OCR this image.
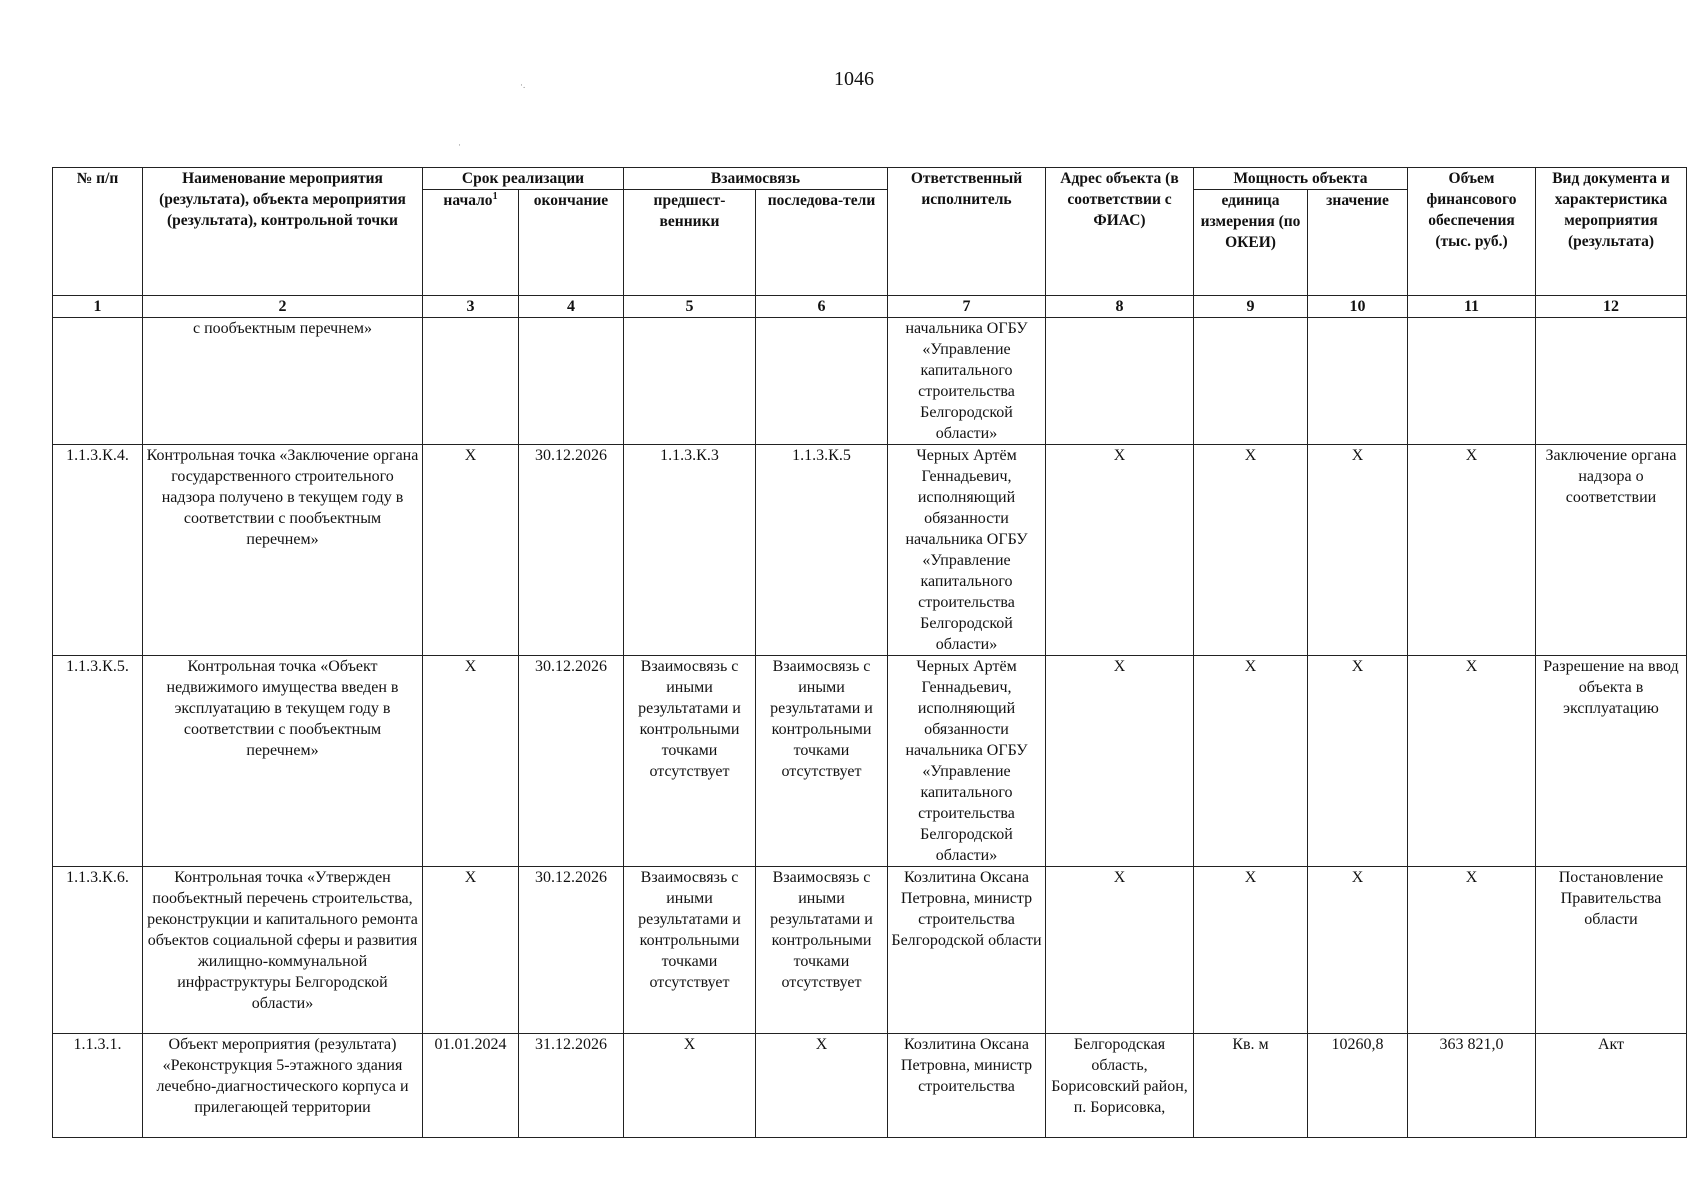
1046
·.
·
№ п/п	Наименование мероприятия (результата), объекта мероприятия (результата), контрольной точки	Срок реализации		Взаимосвязь		Ответственный исполнитель	Адрес объекта (в соответствии с ФИАС)	Мощность объекта		Объем финансового обеспечения (тыс. руб.)	Вид документа и характеристика мероприятия (результата)
		начало$^1$	окончание	предшест-венники	последова-тели			единица измерения (по ОКЕИ)	значение		
1	2	3	4	5	6	7	8	9	10	11	12
	с пообъектным перечнем»					начальника ОГБУ «Управление капитального строительства Белгородской области»					
1.1.3.К.4.	Контрольная точка «Заключение органа государственного строительного надзора получено в текущем году в соответствии с пообъектным перечнем»	Х	30.12.2026	1.1.3.К.3	1.1.3.К.5	Черных Артём Геннадьевич, исполняющий обязанности начальника ОГБУ «Управление капитального строительства Белгородской области»	Х	Х	Х	Х	Заключение органа надзора о соответствии
1.1.3.К.5.	Контрольная точка «Объект недвижимого имущества введен в эксплуатацию в текущем году в соответствии с пообъектным перечнем»	Х	30.12.2026	Взаимосвязь с иными результатами и контрольными точками отсутствует	Взаимосвязь с иными результатами и контрольными точками отсутствует	Черных Артём Геннадьевич, исполняющий обязанности начальника ОГБУ «Управление капитального строительства Белгородской области»	Х	Х	Х	Х	Разрешение на ввод объекта в эксплуатацию
1.1.3.К.6.	Контрольная точка «Утвержден пообъектный перечень строительства, реконструкции и капитального ремонта объектов социальной сферы и развития жилищно-коммунальной инфраструктуры Белгородской области»	Х	30.12.2026	Взаимосвязь с иными результатами и контрольными точками отсутствует	Взаимосвязь с иными результатами и контрольными точками отсутствует	Козлитина Оксана Петровна, министр строительства Белгородской области	Х	Х	Х	Х	Постановление Правительства области
1.1.3.1.	Объект мероприятия (результата) «Реконструкция 5-этажного здания лечебно-диагностического корпуса и прилегающей территории	01.01.2024	31.12.2026	Х	Х	Козлитина Оксана Петровна, министр строительства	Белгородская область, Борисовский район, п. Борисовка,	Кв. м	10260,8	363 821,0	Акт
